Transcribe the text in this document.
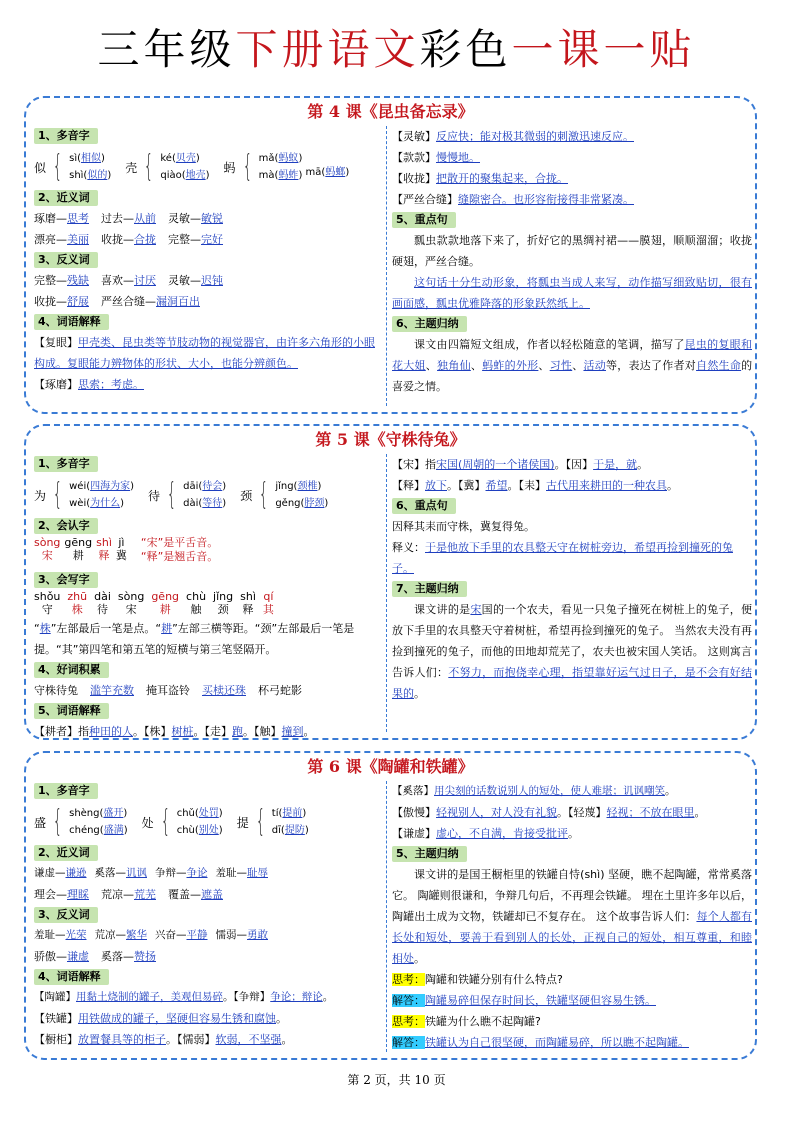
三年级下册语文彩色一课一贴
第 4 课《昆虫备忘录》
1、多音字
似 { sì(相似)
shì(似的)
壳 { ké(贝壳)
qiào(地壳)
蚂 { mǎ(蚂蚁)
mà(蚂蚱) mā(蚂螂)
2、近义词
琢磨—思考 过去—从前 灵敏—敏锐
漂亮—美丽 收拢—合拢 完整—完好
3、反义词
完整—残缺 喜欢—讨厌 灵敏—迟钝
收拢—舒展 严丝合缝—漏洞百出
4、词语解释
【复眼】甲壳类、昆虫类等节肢动物的视觉器官，由许多六角形的小眼构成。复眼能力辨物体的形状、大小，也能分辨颜色。
【琢磨】思索；考虑。
【灵敏】反应快；能对极其微弱的刺激迅速反应。
【款款】慢慢地。
【收拢】把散开的聚集起来，合拢。
【严丝合缝】缝隙密合。也形容衔接得非常紧凑。
5、重点句
瓢虫款款地落下来了，折好它的黑绸衬裙——膜翅，顺顺溜溜；收拢硬翅，严丝合缝。
这句话十分生动形象，将瓢虫当成人来写，动作描写细致贴切，很有画面感，瓢虫优雅降落的形象跃然纸上。
6、主题归纳
课文由四篇短文组成，作者以轻松随意的笔调，描写了昆虫的复眼和花大姐、独角仙、蚂蚱的外形、习性、活动等，表达了作者对自然生命的喜爱之情。
第 5 课《守株待兔》
1、多音字
为 { wéi(四海为家)
wèi(为什么)
待 { dāi(待会)
dài(等待)
颈 { jǐng(颈椎)
gěng(脖颈)
2、会认字
sòng
宋
gēng
耕
shì
释
jì
冀
“宋”是平舌音。
“释”是翘舌音。
3、会写字
shǒu
守
zhū
株
dài
待
sòng
宋
gēng
耕
chù
触
jǐng
颈
shì
释
qí
其
“株”左部最后一笔是点。“耕”左部三横等距。“颈”左部最后一笔是提。“其”第四笔和第五笔的短横与第三笔竖隔开。
4、好词积累
守株待兔 滥竽充数 掩耳盗铃 买椟还珠 杯弓蛇影
5、词语解释
【耕者】指种田的人。【株】树桩。【走】跑。【触】撞到。
【宋】指宋国(周朝的一个诸侯国)。【因】于是，就。
【释】放下。【冀】希望。【耒】古代用来耕田的一种农具。
6、重点句
因释其耒而守株，冀复得兔。
释义：于是他放下手里的农具整天守在树桩旁边，希望再捡到撞死的兔子。
7、主题归纳
课文讲的是宋国的一个农夫，看见一只兔子撞死在树桩上的兔子，便放下手里的农具整天守着树桩，希望再捡到撞死的兔子。 当然农夫没有再捡到撞死的兔子，而他的田地却荒芜了，农夫也被宋国人笑话。 这则寓言告诉人们：不努力，而抱侥幸心理，指望靠好运气过日子，是不会有好结果的。
第 6 课《陶罐和铁罐》
1、多音字
盛 { shèng(盛开)
chéng(盛满)
处 { chǔ(处罚)
chù(别处)
提 { tí(提前)
dī(提防)
2、近义词
谦虚—谦逊 奚落—讥讽 争辩—争论 羞耻—耻辱
理会—理睬 荒凉—荒芜 覆盖—遮盖
3、反义词
羞耻—光荣 荒凉—繁华 兴奋—平静 懦弱—勇敢
骄傲—谦虚 奚落—赞扬
4、词语解释
【陶罐】用黏土烧制的罐子，美观但易碎。【争辩】争论；辩论。
【铁罐】用铁做成的罐子，坚硬但容易生锈和腐蚀。
【橱柜】放置餐具等的柜子。【懦弱】软弱，不坚强。
【奚落】用尖刻的话数说别人的短处，使人难堪；讥讽嘲笑。
【傲慢】轻视别人，对人没有礼貌。【轻蔑】轻视；不放在眼里。
【谦虚】虚心，不自满，肯接受批评。
5、主题归纳
课文讲的是国王橱柜里的铁罐自恃(shì) 坚硬，瞧不起陶罐，常常奚落它。 陶罐则很谦和，争辩几句后，不再理会铁罐。 埋在土里许多年以后，陶罐出土成为文物，铁罐却已不复存在。 这个故事告诉人们：每个人都有长处和短处，要善于看到别人的长处，正视自己的短处，相互尊重，和睦相处。
思考：陶罐和铁罐分别有什么特点?
解答：陶罐易碎但保存时间长，铁罐坚硬但容易生锈。
思考：铁罐为什么瞧不起陶罐?
解答：铁罐认为自己很坚硬，而陶罐易碎，所以瞧不起陶罐。
第 2 页，共 10 页
